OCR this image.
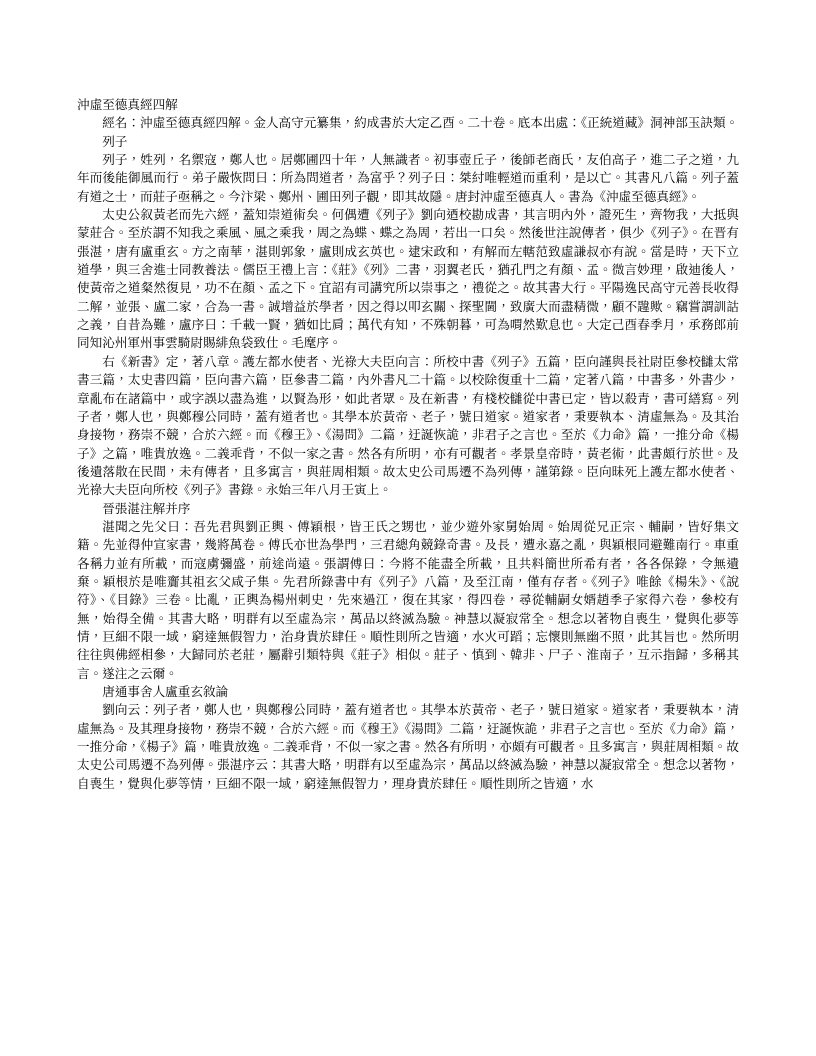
沖虛至德真經四解

經名：沖虛至德真經四解。金人高守元纂集，約成書於大定乙酉。二十卷。底本出處：《正統道藏》洞神部玉訣類。

列子

列子，姓列，名禦寇，鄭人也。居鄭圃四十年，人無識者。初事壺丘子，後師老商氏，友伯高子，進二子之道，九年而後能御風而行。弟子嚴恢問曰：所為問道者，為富乎？列子曰：桀紂唯輕道而重利，是以亡。其書凡八篇。列子蓋有道之士，而莊子亟稱之。今汴梁、鄭州、圃田列子觀，即其故隱。唐封沖虛至德真人。書為《沖虛至德真經》。

太史公叙黃老而先六經，蓋知崇道術矣。何偶遭《列子》劉向迺校勘成書，其言明內外，證死生，齊物我，大抵與蒙莊合。至於謂不知我之乘風、風之乘我，周之為蝶、蝶之為周，若出一口矣。然後世注說傳者，俱少《列子》。在晋有張湛，唐有盧重玄。方之南華，湛則郭象，盧則成玄英也。逮宋政和，有解而左轄范致虛謙叔亦有說。當是時，天下立道學，與三舍進士同教養法。儒臣王禮上言：《莊》《列》二書，羽翼老氏，猶孔門之有顏、孟。微言妙理，啟迪後人，使黃帝之道粲然復見，功不在顏、孟之下。宜詔有司講究所以崇事之，禮從之。故其書大行。平陽逸民高守元善長收得二解，並張、盧二家，合為一書。誠增益於學者，因之得以叩玄關、探聖閫，致廣大而盡精微，顧不韙歟。竊嘗謂訓詁之義，自昔為難，盧序曰：千載一賢，猶如比肩；萬代有知，不殊朝暮，可為喟然歎息也。大定己酉春季月，承務郎前同知沁州軍州事雲騎尉賜緋魚袋致仕。毛麾序。

右《新書》定，著八章。護左都水使者、光祿大夫臣向言：所校中書《列子》五篇，臣向謹與長社尉臣參校讎太常書三篇，太史書四篇，臣向書六篇，臣參書二篇，內外書凡二十篇。以校除復重十二篇，定著八篇，中書多，外書少，章亂布在諸篇中，或字誤以盡為進，以賢為形，如此者眾。及在新書，有棧校讎從中書已定，皆以殺青，書可繕寫。列子者，鄭人也，與鄭穆公同時，蓋有道者也。其學本於黃帝、老子，號曰道家。道家者，秉要執本、清虛無為。及其治身接物，務崇不競，合於六經。而《穆王》、《湯問》二篇，迂誕恢詭，非君子之言也。至於《力命》篇，一推分命《楊子》之篇，唯貴放逸。二義乖背，不似一家之書。然各有所明，亦有可觀者。孝景皇帝時，黃老術，此書頗行於世。及後遺落散在民間，未有傳者，且多寓言，與莊周相類。故太史公司馬遷不為列傳，謹第錄。臣向昧死上護左都水使者、光祿大夫臣向所校《列子》書錄。永始三年八月壬寅上。

晉張湛注解并序

湛聞之先父曰：吾先君與劉正輿、傅穎根，皆王氏之甥也，並少遊外家舅始周。始周從兄正宗、輔嗣，皆好集文籍。先並得仲宣家書，幾將萬卷。傅氏亦世為學門，三君總角競錄奇書。及長，遭永嘉之亂，與穎根同避難南行。車重各稱力並有所載，而寇虜彌盛，前途尚遠。張謂傅曰：今將不能盡全所載，且共料簡世所希有者，各各保錄，令無遺棄。穎根於是唯齎其祖玄父咸子集。先君所錄書中有《列子》八篇，及至江南，僅有存者。《列子》唯餘《楊朱》、《說符》、《目錄》三卷。比亂，正輿為楊州刺史，先來過江，復在其家，得四卷，尋從輔嗣女婿趙季子家得六卷，參校有無，始得全備。其書大略，明群有以至虛為宗，萬品以終滅為驗。神慧以凝寂常全。想念以著物自喪生，覺與化夢等情，巨細不限一域，窮達無假智力，治身貴於肆任。順性則所之皆適，水火可蹈；忘懷則無幽不照，此其旨也。然所明往往與佛經相參，大歸同於老莊，屬辭引類特與《莊子》相似。莊子、慎到、韓非、尸子、淮南子，互示指歸，多稱其言。遂注之云爾。

唐通事舍人盧重玄敘論

劉向云：列子者，鄭人也，與鄭穆公同時，蓋有道者也。其學本於黃帝、老子，號曰道家。道家者，秉要執本，清虛無為。及其理身接物，務崇不競，合於六經。而《穆王》《湯問》二篇，迂誕恢詭，非君子之言也。至於《力命》篇，一推分命，《楊子》篇，唯貴放逸。二義乖背，不似一家之書。然各有所明，亦頗有可觀者。且多寓言，與莊周相類。故太史公司馬遷不為列傳。張湛序云：其書大略，明群有以至虛為宗，萬品以終滅為驗，神慧以凝寂常全。想念以著物，自喪生，覺與化夢等情，巨細不限一域，窮達無假智力，理身貴於肆任。順性則所之皆適，水
